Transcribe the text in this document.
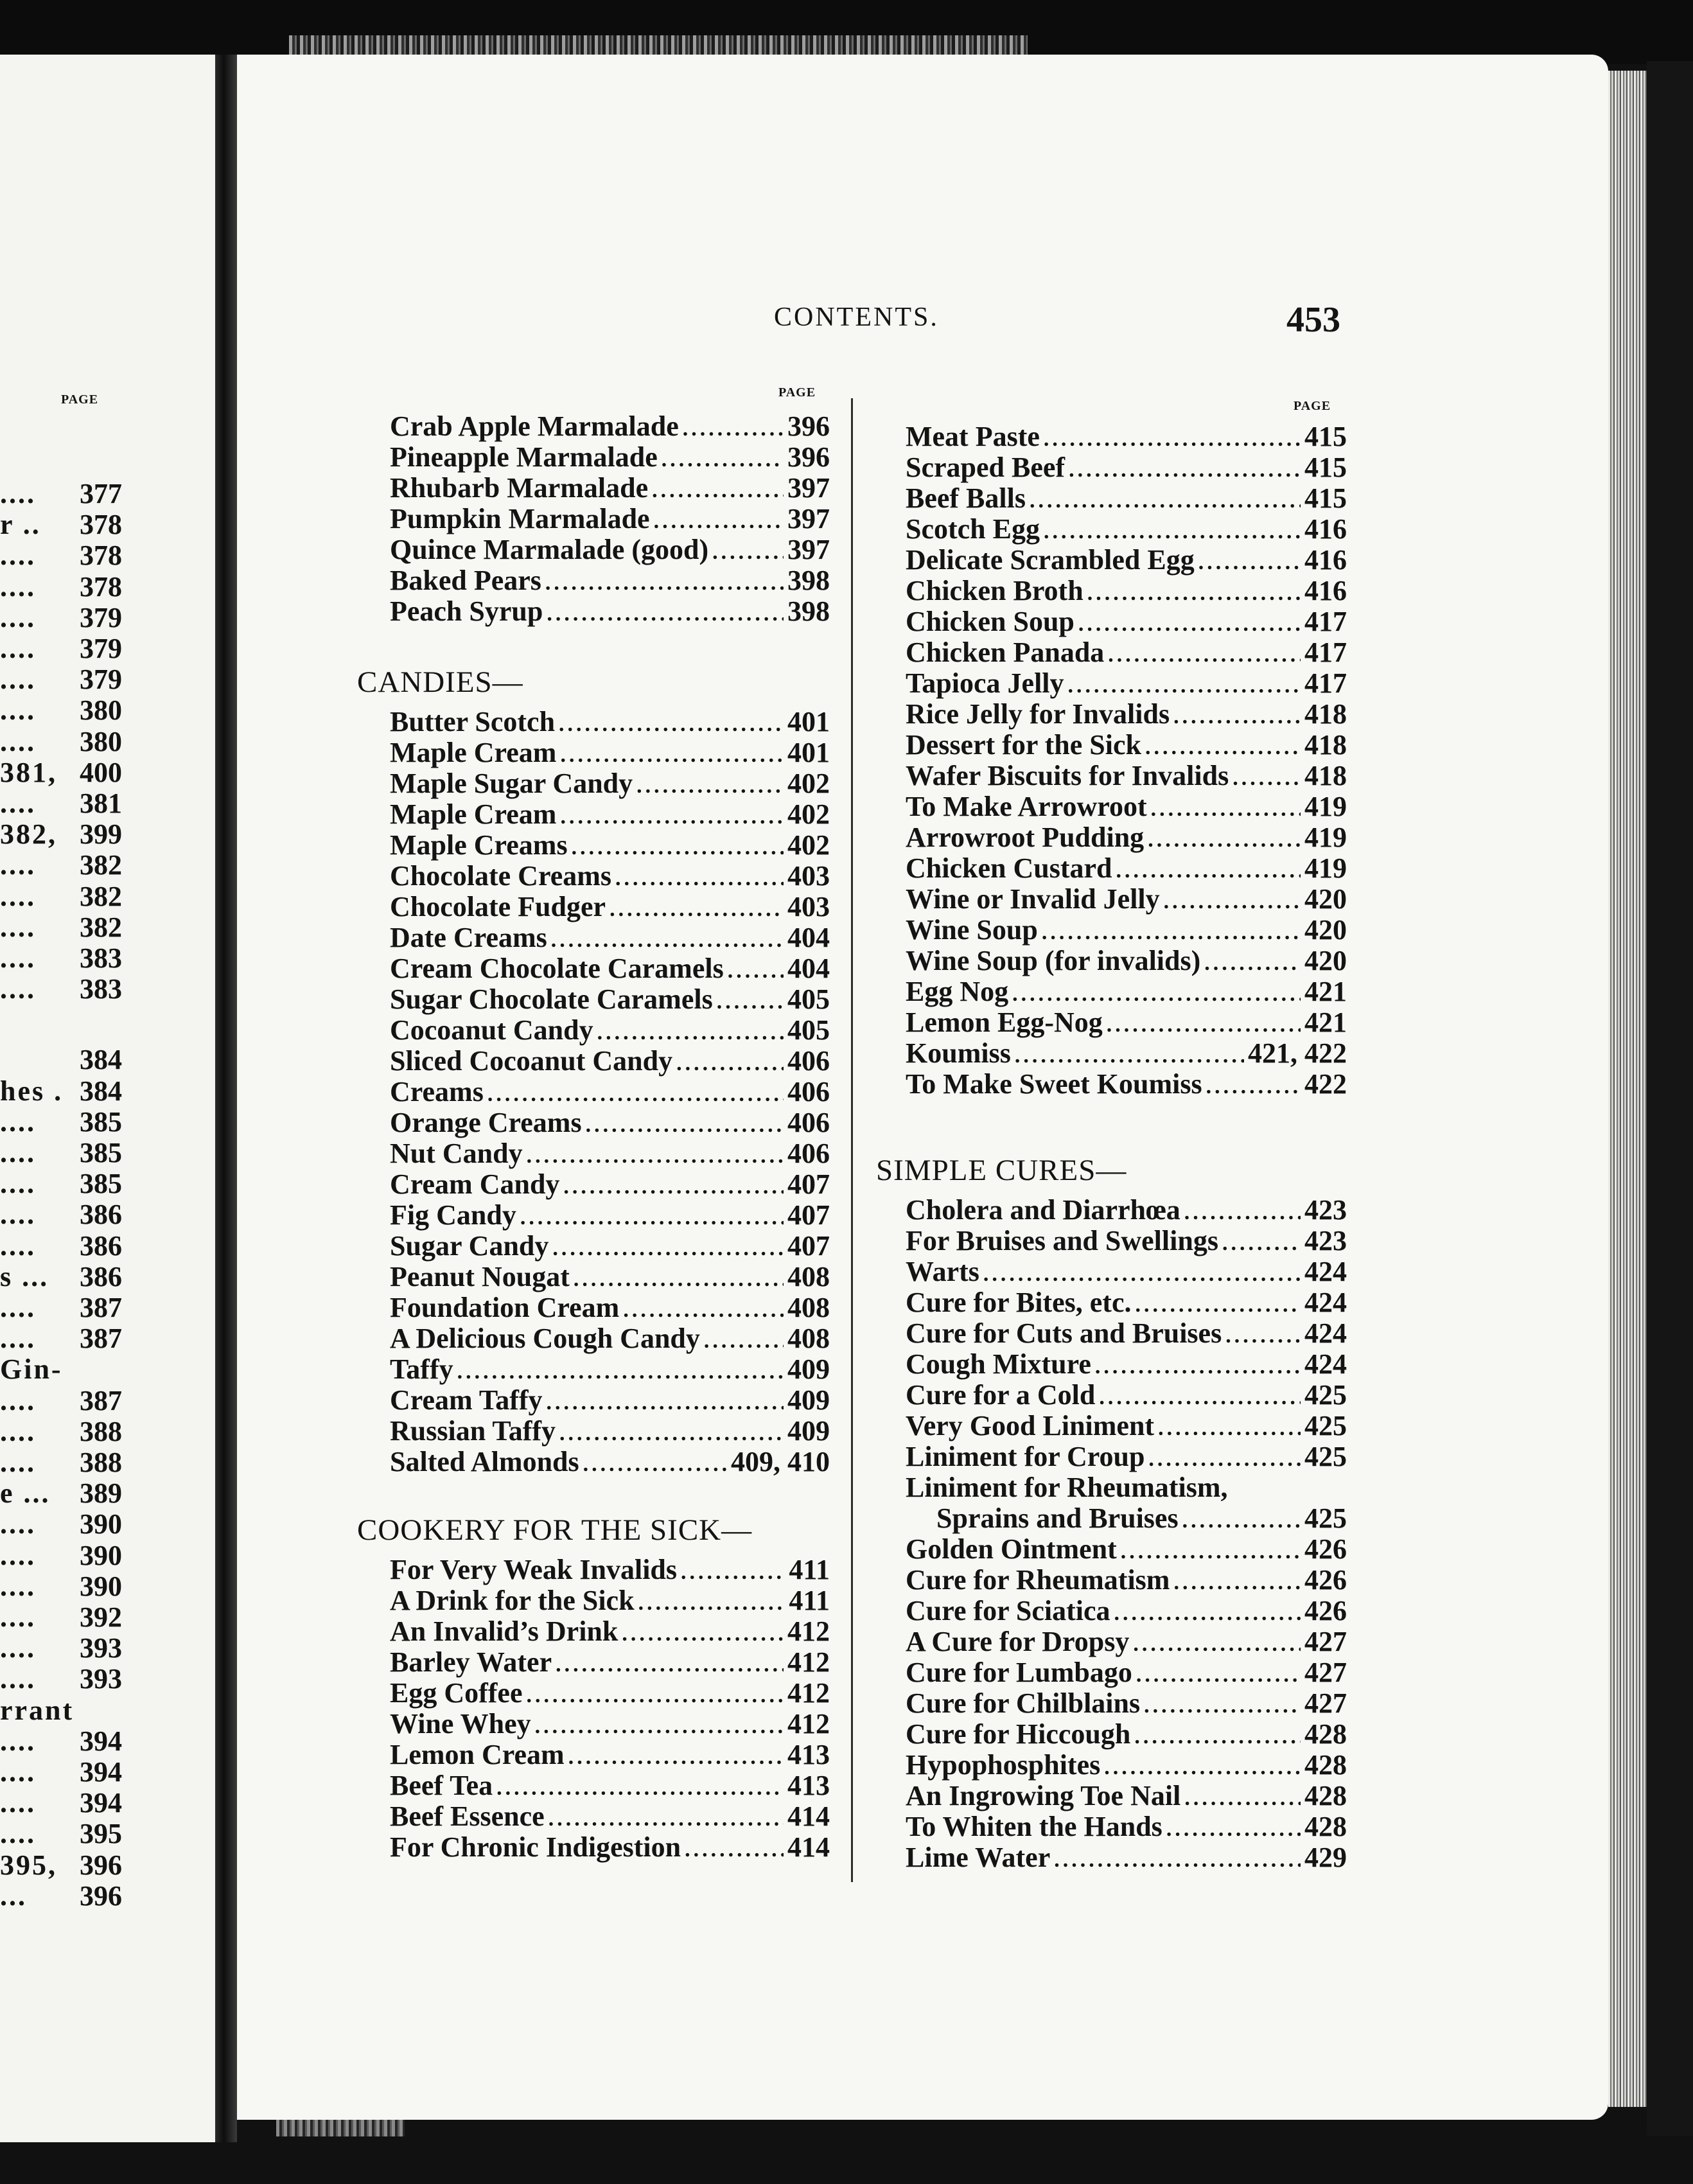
PAGE
.... 377
r .. 378
.... 378
.... 378
.... 379
.... 379
.... 379
.... 380
.... 380
381, 400
.... 381
382, 399
.... 382
.... 382
.... 382
.... 383
.... 383
384
hes . 384
.... 385
.... 385
.... 385
.... 386
.... 386
s ... 386
.... 387
.... 387
Gin-
.... 387
.... 388
.... 388
e ... 389
.... 390
.... 390
.... 390
.... 392
.... 393
.... 393
rrant
.... 394
.... 394
.... 394
.... 395
395, 396
... 396
CONTENTS.	453
PAGE
PAGE
CANDIES—
COOKERY FOR THE SICK—
Crab Apple Marmalade .....	396
Pineapple Marmalade .....	396
Rhubarb Marmalade .....	397
Pumpkin Marmalade .....	397
Quince Marmalade (good) .....	397
Baked Pears .....	398
Peach Syrup .....	398
Butter Scotch .....	401
Maple Cream .....	401
Maple Sugar Candy .....	402
Maple Cream .....	402
Maple Creams .....	402
Chocolate Creams .....	403
Chocolate Fudger .....	403
Date Creams .....	404
Cream Chocolate Caramels ..... 404
Sugar Chocolate Caramels .....	405
Cocoanut Candy .....	405
Sliced Cocoanut Candy .....	406
Creams .....	406
Orange Creams .....	406
Nut Candy .....	406
Cream Candy .....	407
Fig Candy .....	407
Sugar Candy .....	407
Peanut Nougat .....	408
Foundation Cream .....	408
A Delicious Cough Candy .....	408
Taffy .....	409
Cream Taffy .....	409
Russian Taffy .....	409
Salted Almonds .....	409, 410
For Very Weak Invalids .....	411
A Drink for the Sick .....	411
An Invalid’s Drink .....	412
Barley Water .....	412
Egg Coffee .....	412
Wine Whey .....	412
Lemon Cream .....	413
Beef Tea .....	413
Beef Essence .....	414
For Chronic Indigestion .....	414
SIMPLE CURES—
Meat Paste .....	415
Scraped Beef .....	415
Beef Balls .....	415
Scotch Egg .....	416
Delicate Scrambled Egg .....	416
Chicken Broth .....	416
Chicken Soup .....	417
Chicken Panada .....	417
Tapioca Jelly .....	417
Rice Jelly for Invalids .....	418
Dessert for the Sick .....	418
Wafer Biscuits for Invalids .....	418
To Make Arrowroot .....	419
Arrowroot Pudding .....	419
Chicken Custard .....	419
Wine or Invalid Jelly .....	420
Wine Soup .....	420
Wine Soup (for invalids) .....	420
Egg Nog .....	421
Lemon Egg-Nog .....	421
Koumiss .....	421, 422
To Make Sweet Koumiss .....	422
Cholera and Diarrhœa .....	423
For Bruises and Swellings .....	423
Warts .....	424
Cure for Bites, etc. .....	424
Cure for Cuts and Bruises .....	424
Cough Mixture .....	424
Cure for a Cold .....	425
Very Good Liniment .....	425
Liniment for Croup .....	425
Liniment for Rheumatism,
Sprains and Bruises .....	425
Golden Ointment .....	426
Cure for Rheumatism .....	426
Cure for Sciatica .....	426
A Cure for Dropsy .....	427
Cure for Lumbago .....	427
Cure for Chilblains .....	427
Cure for Hiccough .....	428
Hypophosphites .....	428
An Ingrowing Toe Nail .....	428
To Whiten the Hands .....	428
Lime Water .....	429
